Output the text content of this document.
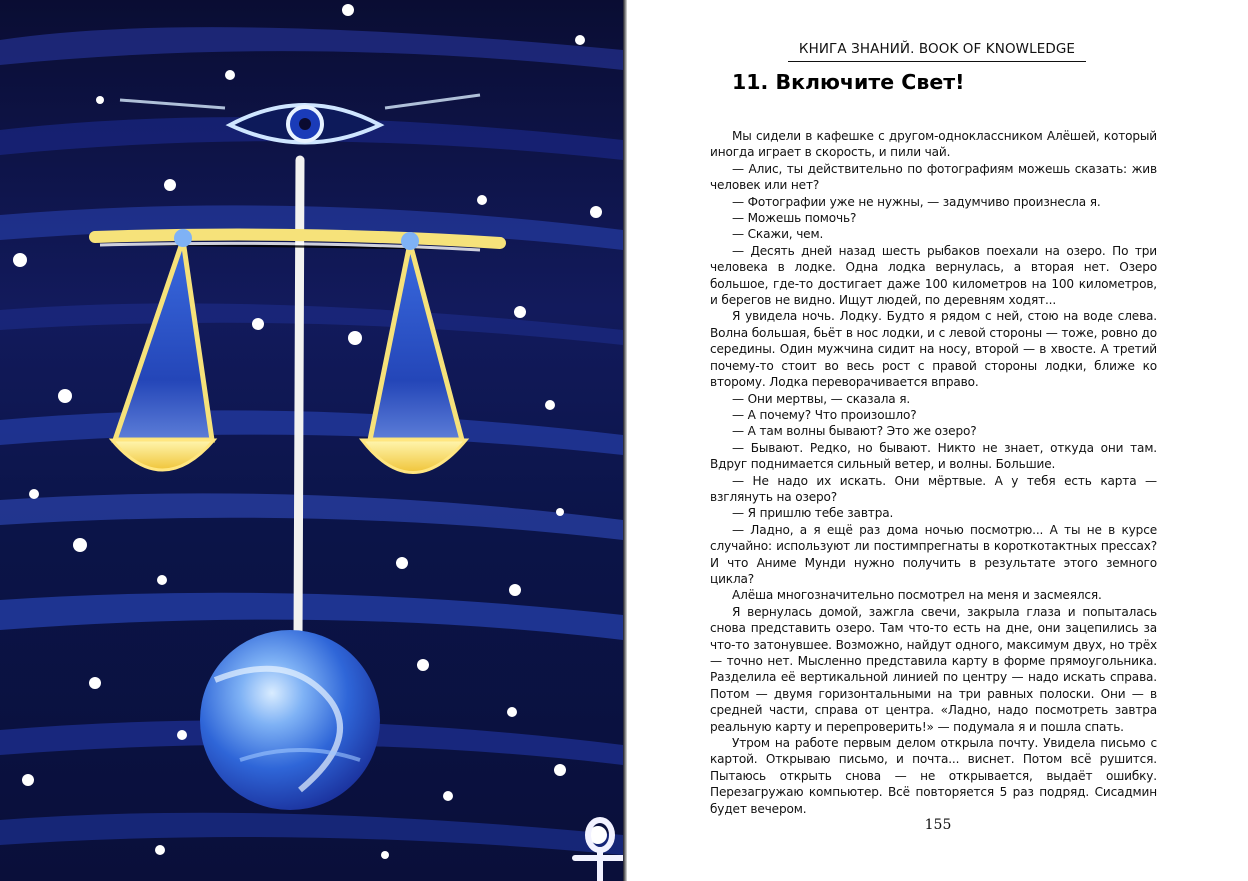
КНИГА ЗНАНИЙ. BOOK OF KNOWLEDGE
11. Включите Свет!

Мы сидели в кафешке с другом-одноклассником Алёшей, который иногда играет в скорость, и пили чай.

— Алис, ты действительно по фотографиям можешь сказать: жив человек или нет?

— Фотографии уже не нужны, — задумчиво произнесла я.

— Можешь помочь?

— Скажи, чем.

— Десять дней назад шесть рыбаков поехали на озеро. По три человека в лодке. Одна лодка вернулась, а вторая нет. Озеро большое, где-то достигает даже 100 километров на 100 километров, и берегов не видно. Ищут людей, по деревням ходят...

Я увидела ночь. Лодку. Будто я рядом с ней, стою на воде слева. Волна большая, бьёт в нос лодки, и с левой стороны — тоже, ровно до середины. Один мужчина сидит на носу, второй — в хвосте. А третий почему-то стоит во весь рост с правой стороны лодки, ближе ко второму. Лодка переворачивается вправо.

— Они мертвы, — сказала я.

— А почему? Что произошло?

— А там волны бывают? Это же озеро?

— Бывают. Редко, но бывают. Никто не знает, откуда они там. Вдруг поднимается сильный ветер, и волны. Большие.

— Не надо их искать. Они мёртвые. А у тебя есть карта — взглянуть на озеро?

— Я пришлю тебе завтра.

— Ладно, а я ещё раз дома ночью посмотрю... А ты не в курсе случайно: используют ли постимпрегнаты в короткотактных прессах? И что Аниме Мунди нужно получить в результате этого земного цикла?

Алёша многозначительно посмотрел на меня и засмеялся.

Я вернулась домой, зажгла свечи, закрыла глаза и попыталась снова представить озеро. Там что-то есть на дне, они зацепились за что-то затонувшее. Возможно, найдут одного, максимум двух, но трёх — точно нет. Мысленно представила карту в форме прямоугольника. Разделила её вертикальной линией по центру — надо искать справа. Потом — двумя горизонтальными на три равных полоски. Они — в средней части, справа от центра. «Ладно, надо посмотреть завтра реальную карту и перепроверить!» — подумала я и пошла спать.

Утром на работе первым делом открыла почту. Увидела письмо с картой. Открываю письмо, и почта... виснет. Потом всё рушится. Пытаюсь открыть снова — не открывается, выдаёт ошибку. Перезагружаю компьютер. Всё повторяется 5 раз подряд. Сисадмин будет вечером.

155
